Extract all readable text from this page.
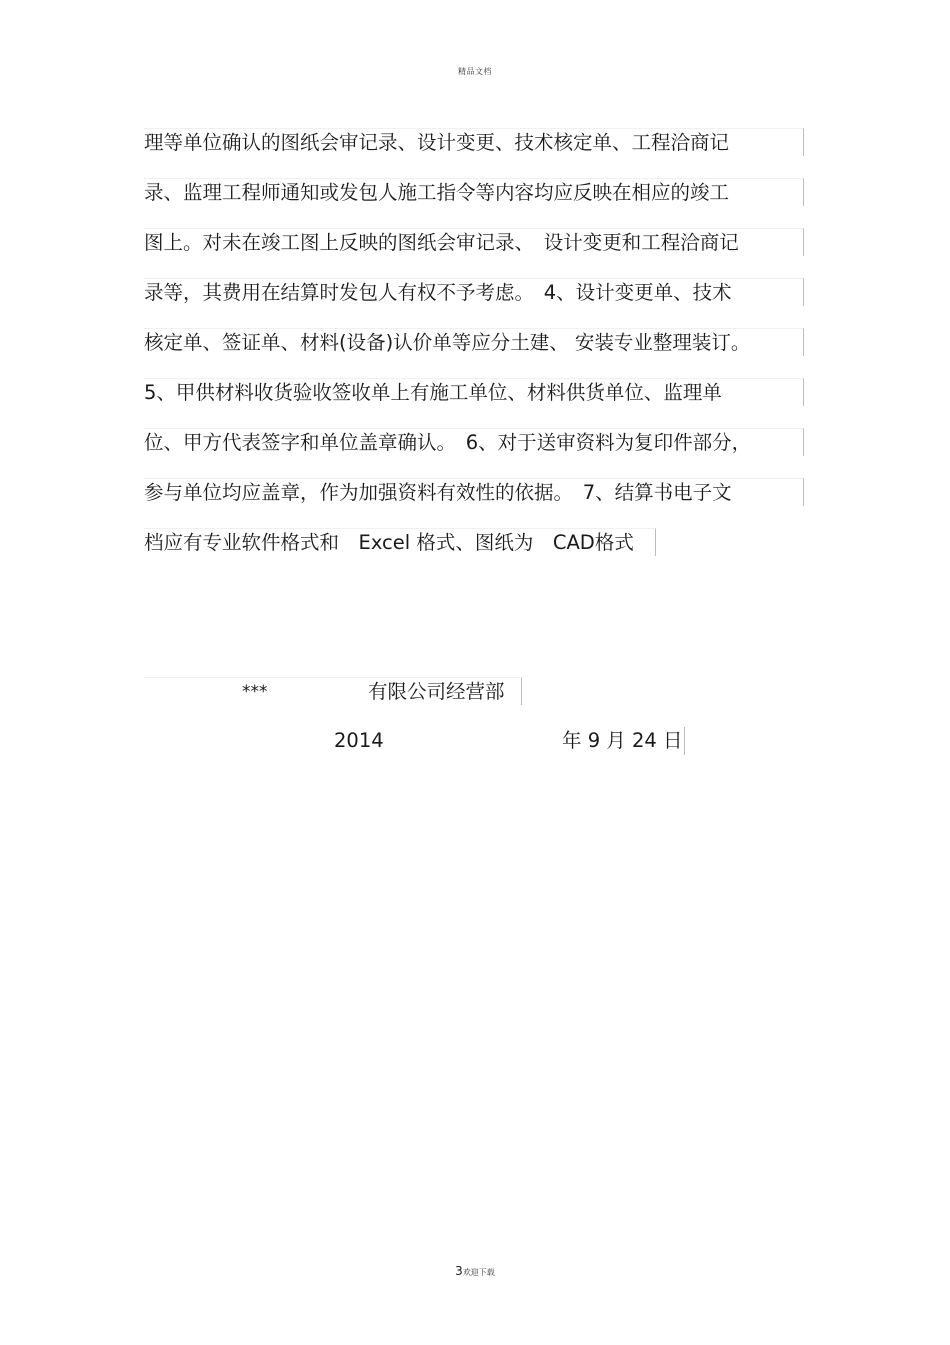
精品文档
理等单位确认的图纸会审记录、设计变更、技术核定单、工程洽商记
录、监理工程师通知或发包人施工指令等内容均应反映在相应的竣工
图上。对未在竣工图上反映的图纸会审记录、　设计变更和工程洽商记
录等，其费用在结算时发包人有权不予考虑。　4、设计变更单、技术
核定单、签证单、材料(设备)认价单等应分土建、 安装专业整理装订。
5、甲供材料收货验收签收单上有施工单位、材料供货单位、监理单
位、甲方代表签字和单位盖章确认。　6、对于送审资料为复印件部分，
参与单位均应盖章，作为加强资料有效性的依据。　7、结算书电子文
档应有专业软件格式和　Excel 格式、图纸为　CAD格式
***	有限公司经营部
2014	年 9 月 24 日
3欢迎下载
